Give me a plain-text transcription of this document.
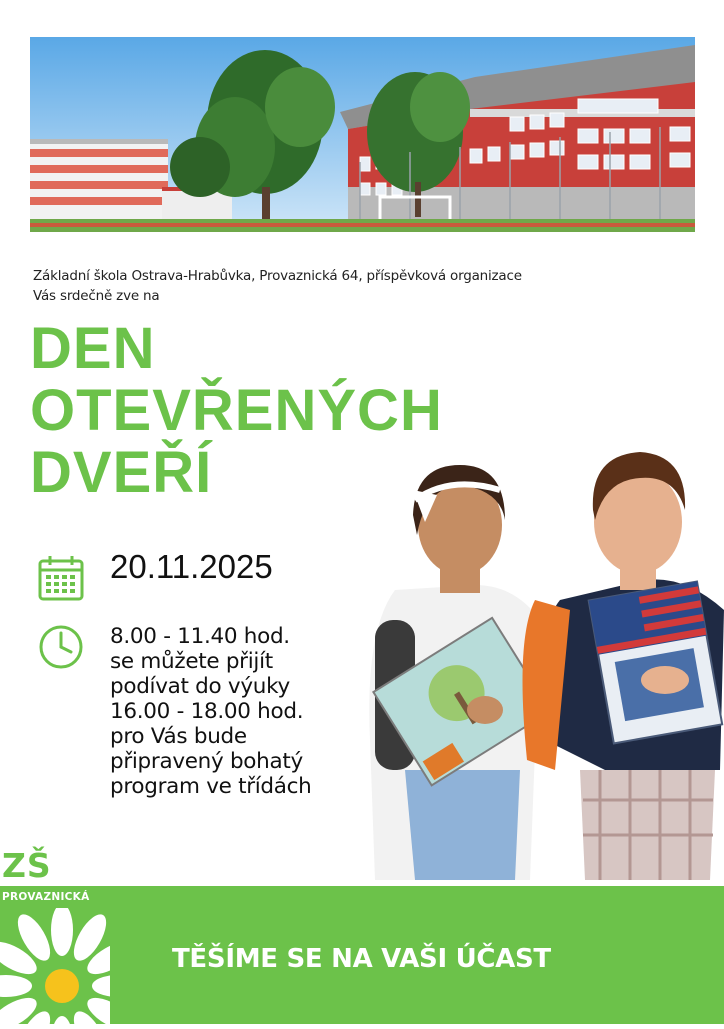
Základní škola Ostrava-Hrabůvka, Provaznická 64, příspěvková organizace
Vás srdečně zve na
DEN
OTEVŘENÝCH
DVEŘÍ
20.11.2025
8.00 - 11.40 hod.
se můžete přijít
podívat do výuky
16.00 - 18.00 hod.
pro Vás bude
připravený bohatý
program ve třídách
TĚŠÍME SE NA VAŠI ÚČAST
ZŠ
PROVAZNICKÁ
